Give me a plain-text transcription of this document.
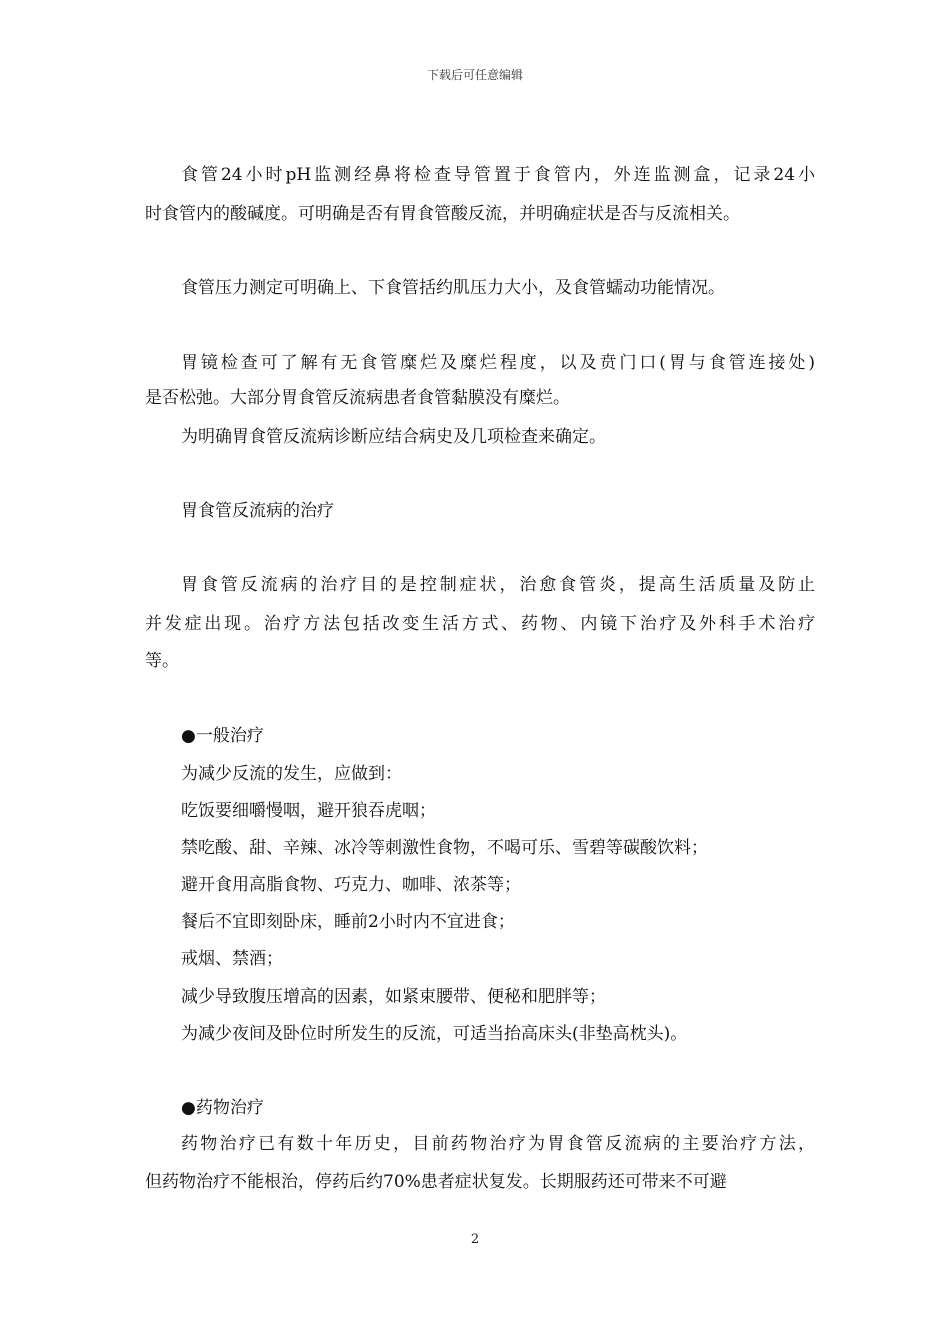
下载后可任意编辑
食管24小时pH监测经鼻将检查导管置于食管内，外连监测盒，记录24小
时食管内的酸碱度。可明确是否有胃食管酸反流，并明确症状是否与反流相关。
食管压力测定可明确上、下食管括约肌压力大小，及食管蠕动功能情况。
胃镜检查可了解有无食管糜烂及糜烂程度，以及贲门口(胃与食管连接处)
是否松弛。大部分胃食管反流病患者食管黏膜没有糜烂。
为明确胃食管反流病诊断应结合病史及几项检查来确定。
胃食管反流病的治疗
胃食管反流病的治疗目的是控制症状，治愈食管炎，提高生活质量及防止
并发症出现。治疗方法包括改变生活方式、药物、内镜下治疗及外科手术治疗
等。
●一般治疗
为减少反流的发生，应做到：
吃饭要细嚼慢咽，避开狼吞虎咽；
禁吃酸、甜、辛辣、冰冷等刺激性食物，不喝可乐、雪碧等碳酸饮料；
避开食用高脂食物、巧克力、咖啡、浓茶等；
餐后不宜即刻卧床，睡前2小时内不宜进食；
戒烟、禁酒；
减少导致腹压增高的因素，如紧束腰带、便秘和肥胖等；
为减少夜间及卧位时所发生的反流，可适当抬高床头(非垫高枕头)。
●药物治疗
药物治疗已有数十年历史，目前药物治疗为胃食管反流病的主要治疗方法，
但药物治疗不能根治，停药后约70%患者症状复发。长期服药还可带来不可避
2
